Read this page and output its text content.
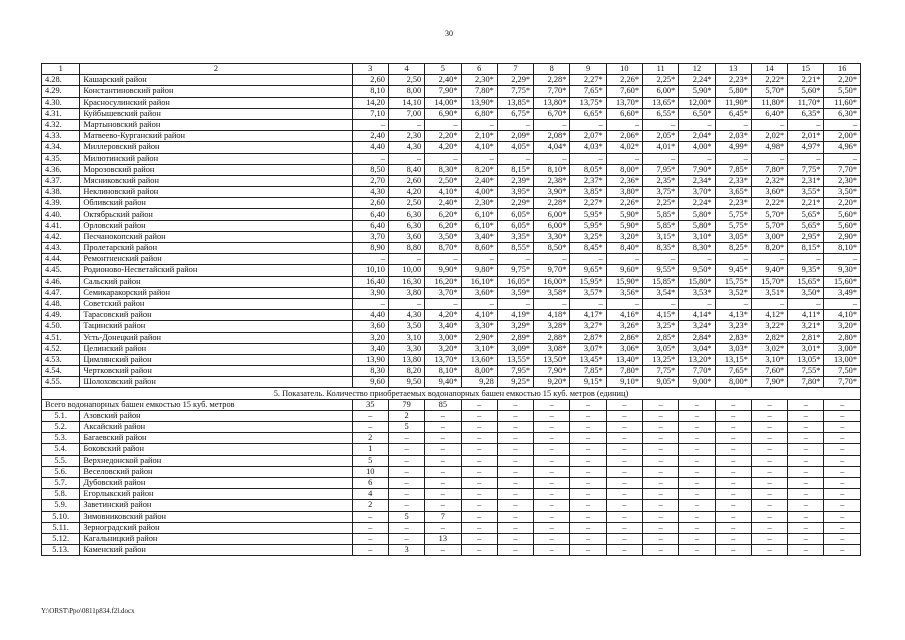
30
1	2	3	4	5	6	7	8	9	10	11	12	13	14	15	16
4.28.	Кашарский район	2,60	2,50	2,40*	2,30*	2,29*	2,28*	2,27*	2,26*	2,25*	2,24*	2,23*	2,22*	2,21*	2,20*
4.29.	Константиновский район	8,10	8,00	7,90*	7,80*	7,75*	7,70*	7,65*	7,60*	6,00*	5,90*	5,80*	5,70*	5,60*	5,50*
4.30.	Красносулинский район	14,20	14,10	14,00*	13,90*	13,85*	13,80*	13,75*	13,70*	13,65*	12,00*	11,90*	11,80*	11,70*	11,60*
4.31.	Куйбышевский район	7,10	7,00	6,90*	6,80*	6,75*	6,70*	6,65*	6,60*	6,55*	6,50*	6,45*	6,40*	6,35*	6,30*
4.32.	Мартыновский район	–	–	–	–	–	–	–	–	–	–	–	–	–	–
4.33.	Матвеево-Курганский район	2,40	2,30	2,20*	2,10*	2,09*	2,08*	2,07*	2,06*	2,05*	2,04*	2,03*	2,02*	2,01*	2,00*
4.34.	Миллеровский район	4,40	4,30	4,20*	4,10*	4,05*	4,04*	4,03*	4,02*	4,01*	4,00*	4,99*	4,98*	4,97*	4,96*
4.35.	Милютинский район	–	–	–	–	–	–	–	–	–	–	–	–	–	–
4.36.	Морозовский район	8,50	8,40	8,30*	8,20*	8,15*	8,10*	8,05*	8,00*	7,95*	7,90*	7,85*	7,80*	7,75*	7,70*
4.37.	Мясниковский район	2,70	2,60	2,50*	2,40*	2,39*	2,38*	2,37*	2,36*	2,35*	2,34*	2,33*	2,32*	2,31*	2,30*
4.38.	Неклиновский район	4,30	4,20	4,10*	4,00*	3,95*	3,90*	3,85*	3,80*	3,75*	3,70*	3,65*	3,60*	3,55*	3,50*
4.39.	Обливский район	2,60	2,50	2,40*	2,30*	2,29*	2,28*	2,27*	2,26*	2,25*	2,24*	2,23*	2,22*	2,21*	2,20*
4.40.	Октябрьский район	6,40	6,30	6,20*	6,10*	6,05*	6,00*	5,95*	5,90*	5,85*	5,80*	5,75*	5,70*	5,65*	5,60*
4.41.	Орловский район	6,40	6,30	6,20*	6,10*	6,05*	6,00*	5,95*	5,90*	5,85*	5,80*	5,75*	5,70*	5,65*	5,60*
4.42.	Песчанокопский район	3,70	3,60	3,50*	3,40*	3,35*	3,30*	3,25*	3,20*	3,15*	3,10*	3,05*	3,00*	2,95*	2,90*
4.43.	Пролетарский район	8,90	8,80	8,70*	8,60*	8,55*	8,50*	8,45*	8,40*	8,35*	8,30*	8,25*	8,20*	8,15*	8,10*
4.44.	Ремонтненский район	–	–	–	–	–	–	–	–	–	–	–	–	–	–
4.45.	Родионово-Несветайский район	10,10	10,00	9,90*	9,80*	9,75*	9,70*	9,65*	9,60*	9,55*	9,50*	9,45*	9,40*	9,35*	9,30*
4.46.	Сальский район	16,40	16,30	16,20*	16,10*	16,05*	16,00*	15,95*	15,90*	15,85*	15,80*	15,75*	15,70*	15,65*	15,60*
4.47.	Семикаракорский район	3,90	3,80	3,70*	3,60*	3,59*	3,58*	3,57*	3,56*	3,54*	3,53*	3,52*	3,51*	3,50*	3,49*
4.48.	Советский район	–	–	–	–	–	–	–	–	–	–	–	–	–	–
4.49.	Тарасовский район	4,40	4,30	4,20*	4,10*	4,19*	4,18*	4,17*	4,16*	4,15*	4,14*	4,13*	4,12*	4,11*	4,10*
4.50.	Тацинский район	3,60	3,50	3,40*	3,30*	3,29*	3,28*	3,27*	3,26*	3,25*	3,24*	3,23*	3,22*	3,21*	3,20*
4.51.	Усть-Донецкий район	3,20	3,10	3,00*	2,90*	2,89*	2,88*	2,87*	2,86*	2,85*	2,84*	2,83*	2,82*	2,81*	2,80*
4.52.	Целинский район	3,40	3,30	3,20*	3,10*	3,09*	3,08*	3,07*	3,06*	3,05*	3,04*	3,03*	3,02*	3,01*	3,00*
4.53.	Цимлянский район	13,90	13,80	13,70*	13,60*	13,55*	13,50*	13,45*	13,40*	13,25*	13,20*	13,15*	3,10*	13,05*	13,00*
4.54.	Чертковский район	8,30	8,20	8,10*	8,00*	7,95*	7,90*	7,85*	7,80*	7,75*	7,70*	7,65*	7,60*	7,55*	7,50*
4.55.	Шолоховский район	9,60	9,50	9,40*	9,28	9,25*	9,20*	9,15*	9,10*	9,05*	9,00*	8,00*	7,90*	7,80*	7,70*
5. Показатель. Количество приобретаемых водонапорных башен емкостью 15 куб. метров (единиц)															
Всего водонапорных башен емкостью 15 куб. метров		35	79	85	–	–	–	–	–	–	–	–	–	–	–
5.1.	Азовский район	–	2	–	–	–	–	–	–	–	–	–	–	–	–
5.2.	Аксайский район	–	5	–	–	–	–	–	–	–	–	–	–	–	–
5.3.	Багаевский район	2	–	–	–	–	–	–	–	–	–	–	–	–	–
5.4.	Боковский район	1	–	–	–	–	–	–	–	–	–	–	–	–	–
5.5.	Верхнедонской район	5	–	–	–	–	–	–	–	–	–	–	–	–	–
5.6.	Веселовский район	10	–	–	–	–	–	–	–	–	–	–	–	–	–
5.7.	Дубовский район	6	–	–	–	–	–	–	–	–	–	–	–	–	–
5.8.	Егорлыкский район	4	–	–	–	–	–	–	–	–	–	–	–	–	–
5.9.	Заветинский район	2	–	–	–	–	–	–	–	–	–	–	–	–	–
5.10.	Зимовниковский район	–	5	7	–	–	–	–	–	–	–	–	–	–	–
5.11.	Зерноградский район	–	–	–	–	–	–	–	–	–	–	–	–	–	–
5.12.	Кагальницкий район	–	–	13	–	–	–	–	–	–	–	–	–	–	–
5.13.	Каменский район	–	3	–	–	–	–	–	–	–	–	–	–	–	–
Y:\ORST\Ppo\0811p834.f2l.docx
